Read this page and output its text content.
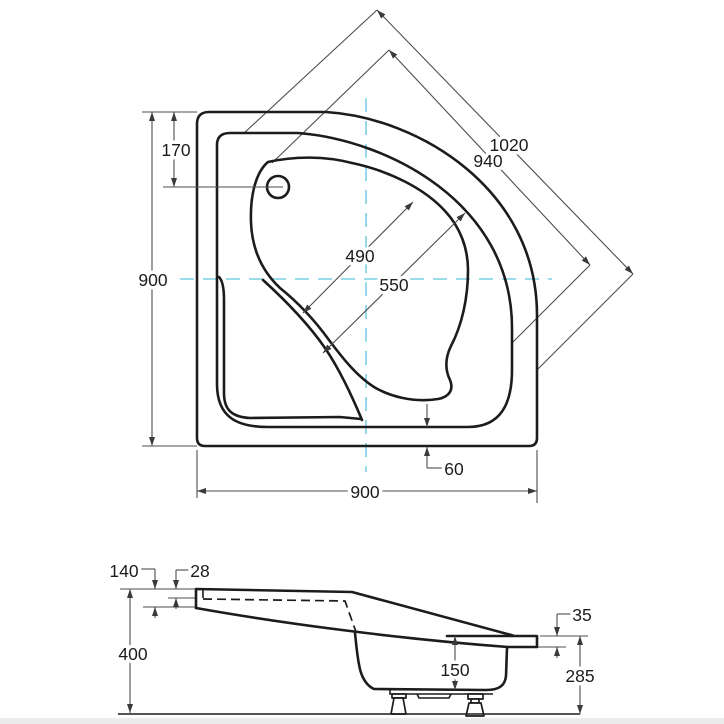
1020
940
170
900
490
550
60
900
140	28
400
35
150	285
